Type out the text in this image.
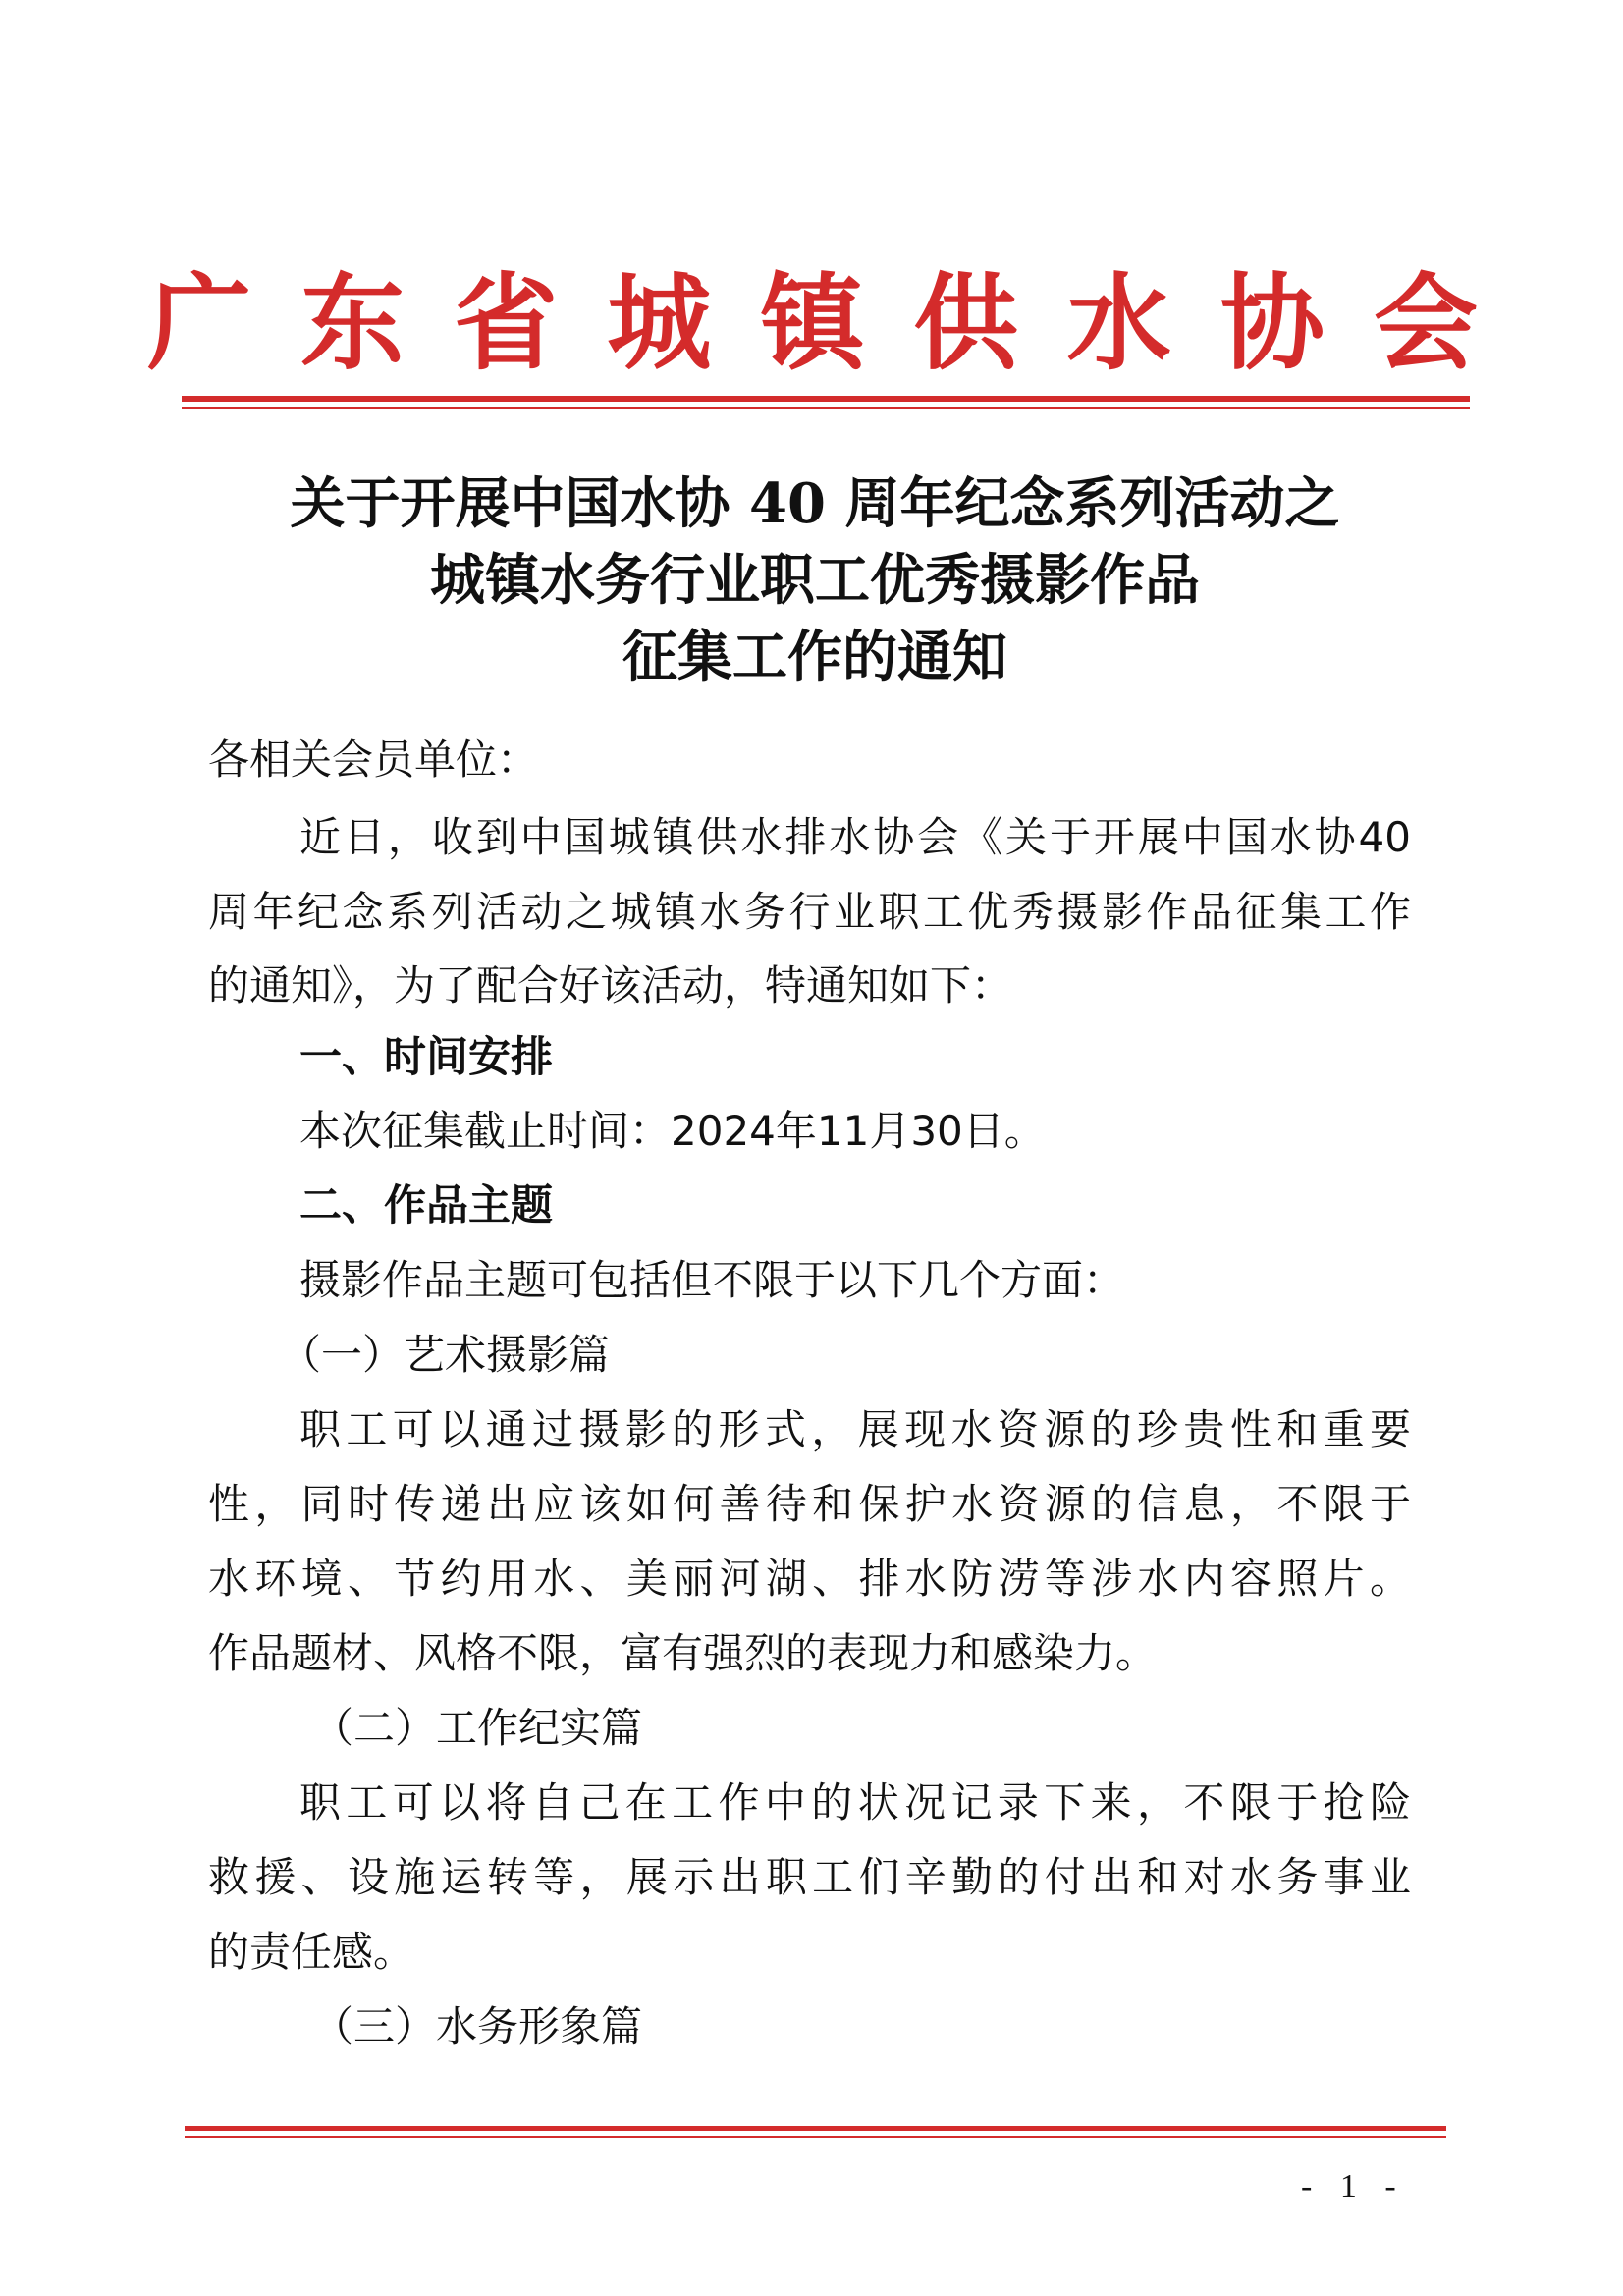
广 东 省 城 镇 供 水 协 会
关于开展中国水协 40 周年纪念系列活动之
城镇水务行业职工优秀摄影作品
征集工作的通知
各相关会员单位：
近日，收到中国城镇供水排水协会《关于开展中国水协40
周年纪念系列活动之城镇水务行业职工优秀摄影作品征集工作
的通知》，为了配合好该活动，特通知如下：
一、时间安排
本次征集截止时间：2024年11月30日。
二、作品主题
摄影作品主题可包括但不限于以下几个方面：
（一）艺术摄影篇
职工可以通过摄影的形式，展现水资源的珍贵性和重要
性，同时传递出应该如何善待和保护水资源的信息，不限于
水环境、节约用水、美丽河湖、排水防涝等涉水内容照片。
作品题材、风格不限，富有强烈的表现力和感染力。
（二）工作纪实篇
职工可以将自己在工作中的状况记录下来，不限于抢险
救援、设施运转等，展示出职工们辛勤的付出和对水务事业
的责任感。
（三）水务形象篇
- 1 -
